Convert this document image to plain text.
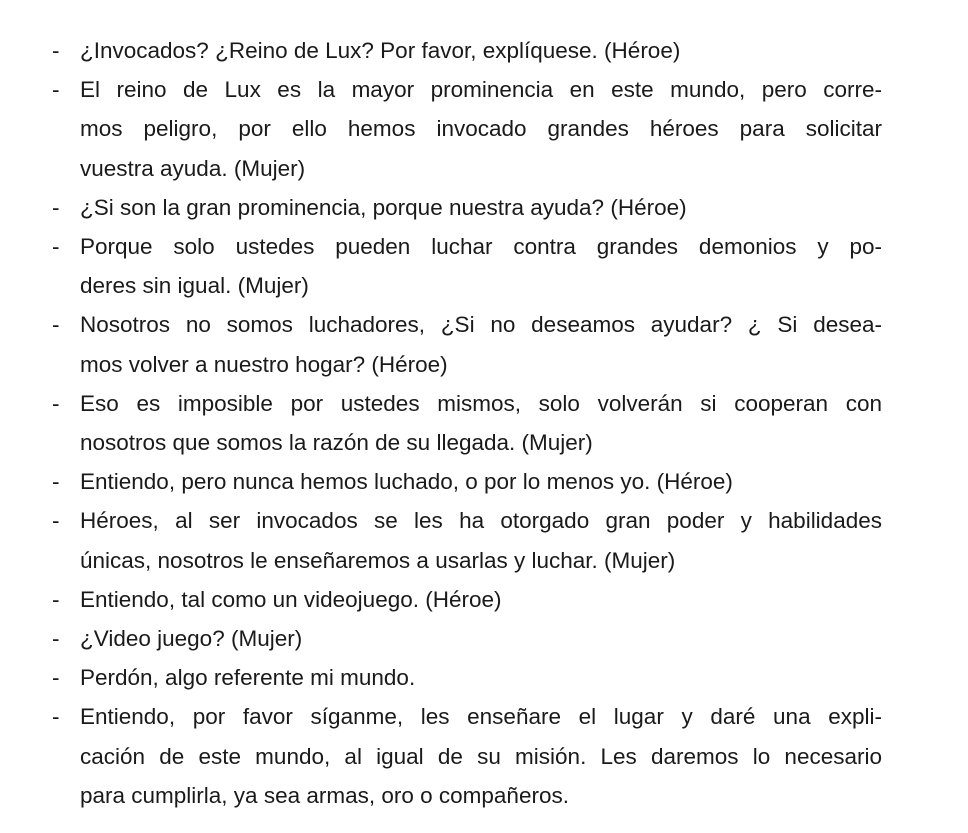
- ¿Invocados? ¿Reino de Lux? Por favor, explíquese. (Héroe)
- El reino de Lux es la mayor prominencia en este mundo, pero corre-
mos peligro, por ello hemos invocado grandes héroes para solicitar
vuestra ayuda. (Mujer)
- ¿Si son la gran prominencia, porque nuestra ayuda? (Héroe)
- Porque solo ustedes pueden luchar contra grandes demonios y po-
deres sin igual. (Mujer)
- Nosotros no somos luchadores, ¿Si no deseamos ayudar? ¿ Si desea-
mos volver a nuestro hogar? (Héroe)
- Eso es imposible por ustedes mismos, solo volverán si cooperan con
nosotros que somos la razón de su llegada. (Mujer)
- Entiendo, pero nunca hemos luchado, o por lo menos yo. (Héroe)
- Héroes, al ser invocados se les ha otorgado gran poder y habilidades
únicas, nosotros le enseñaremos a usarlas y luchar. (Mujer)
- Entiendo, tal como un videojuego. (Héroe)
- ¿Video juego? (Mujer)
- Perdón, algo referente mi mundo.
- Entiendo, por favor síganme, les enseñare el lugar y daré una expli-
cación de este mundo, al igual de su misión. Les daremos lo necesario
para cumplirla, ya sea armas, oro o compañeros.
